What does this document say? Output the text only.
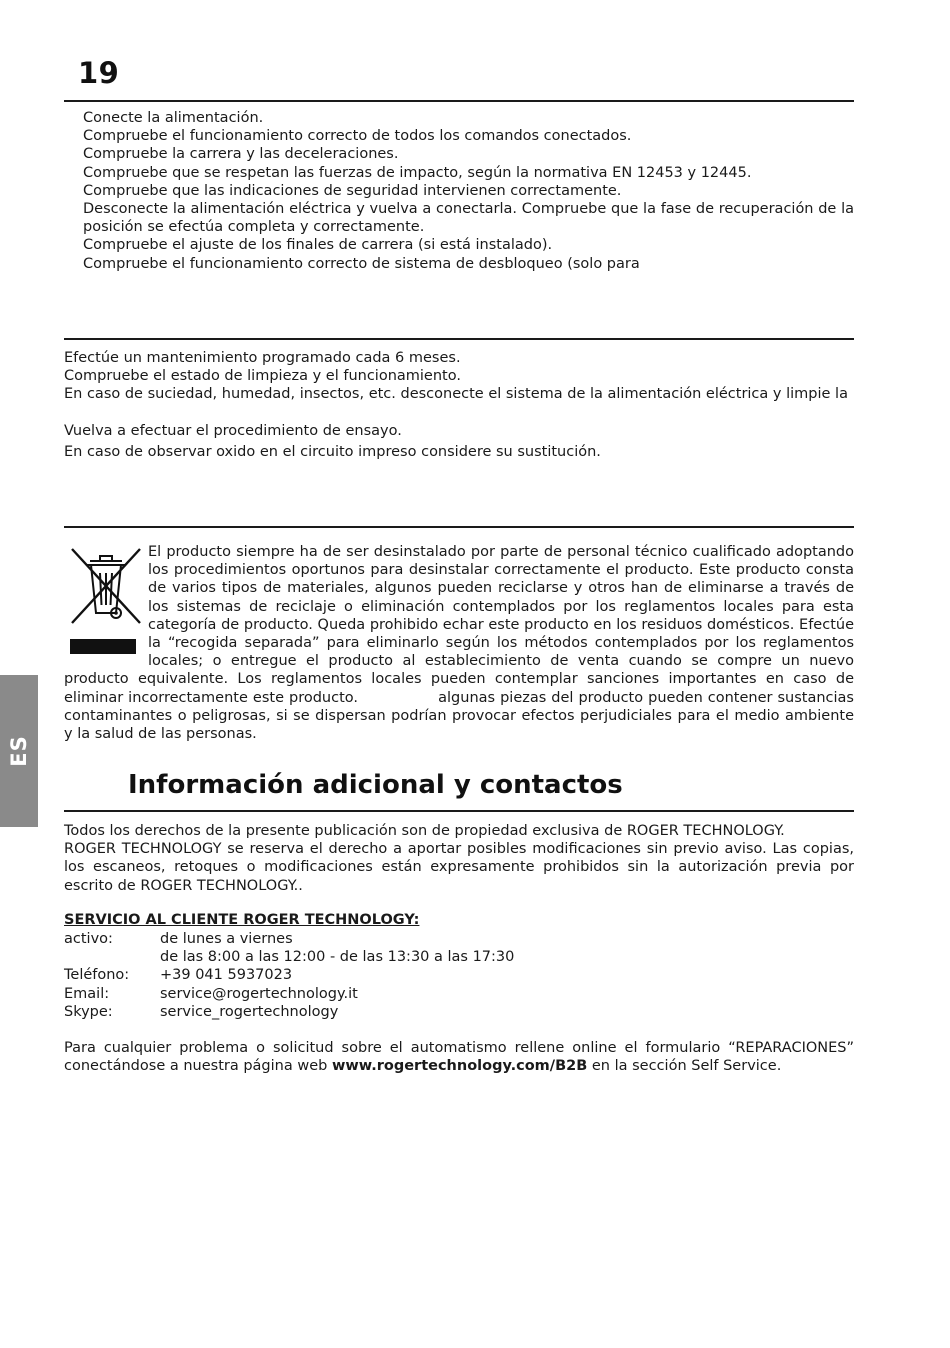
19

Conecte la alimentación.

Compruebe el funcionamiento correcto de todos los comandos conectados.

Compruebe la carrera y las deceleraciones.

Compruebe que se respetan las fuerzas de impacto, según la normativa EN 12453 y 12445.

Compruebe que las indicaciones de seguridad intervienen correctamente.

Desconecte la alimentación eléctrica y vuelva a conectarla. Compruebe que la fase de recuperación de la posición se efectúa completa y correctamente.

Compruebe el ajuste de los finales de carrera (si está instalado).

Compruebe el funcionamiento correcto de sistema de desbloqueo (solo para

Efectúe un mantenimiento programado cada 6 meses.

Compruebe el estado de limpieza y el funcionamiento.

En caso de suciedad, humedad, insectos, etc. desconecte el sistema de la alimentación eléctrica y limpie la

Vuelva a efectuar el procedimiento de ensayo.

En caso de observar oxido en el circuito impreso considere su sustitución.

El producto siempre ha de ser desinstalado por parte de personal técnico cualificado adoptando los procedimientos oportunos para desinstalar correctamente el producto. Este producto consta de varios tipos de materiales, algunos pueden reciclarse y otros han de eliminarse a través de los sistemas de reciclaje o eliminación contemplados por los reglamentos locales para esta categoría de producto. Queda prohibido echar este producto en los residuos domésticos. Efectúe la “recogida separada” para eliminarlo según los métodos contemplados por los reglamentos locales; o entregue el producto al establecimiento de venta cuando se compre un nuevo producto equivalente. Los reglamentos locales pueden contemplar sanciones importantes en caso de eliminar incorrectamente este producto.                algunas piezas del producto pueden contener sustancias contaminantes o peligrosas, si se dispersan podrían provocar efectos perjudiciales para el medio ambiente y la salud de las personas.
ES
Información adicional y contactos

Todos los derechos de la presente publicación son de propiedad exclusiva de ROGER TECHNOLOGY.

ROGER TECHNOLOGY se reserva el derecho a aportar posibles modificaciones sin previo aviso. Las copias, los escaneos, retoques o modificaciones están expresamente prohibidos sin la autorización previa por escrito de ROGER TECHNOLOGY..

SERVICIO AL CLIENTE ROGER TECHNOLOGY:

activo:	de lunes a viernes
	de las 8:00 a las 12:00 - de las 13:30 a las 17:30
Teléfono:	+39 041 5937023
Email:	service@rogertechnology.it
Skype:	service_rogertechnology

Para cualquier problema o solicitud sobre el automatismo rellene online el formulario “REPARACIONES” conectándose a nuestra página web www.rogertechnology.com/B2B en la sección Self Service.
